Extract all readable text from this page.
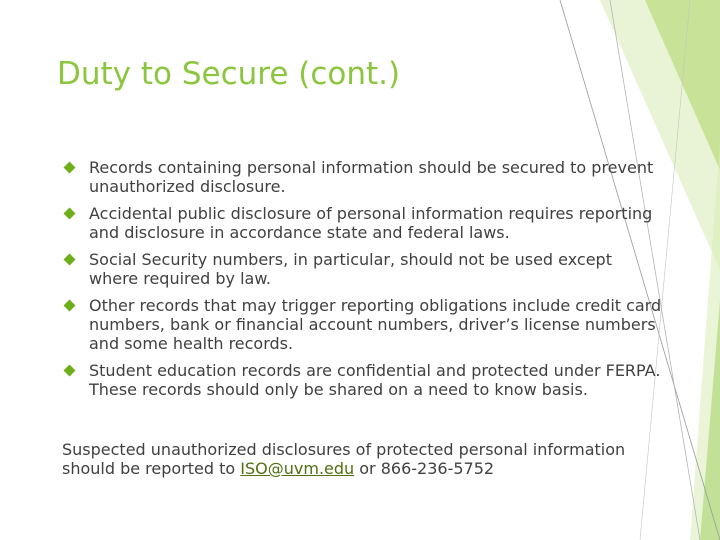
Duty to Secure (cont.)
Records containing personal information should be secured to prevent unauthorized disclosure.
Accidental public disclosure of personal information requires reporting and disclosure in accordance state and federal laws.
Social Security numbers, in particular, should not be used except where required by law.
Other records that may trigger reporting obligations include credit card numbers, bank or financial account numbers, driver’s license numbers and some health records.
Student education records are confidential and protected under FERPA. These records should only be shared on a need to know basis.

Suspected unauthorized disclosures of protected personal information should be reported to ISO@uvm.edu or 866-236-5752
